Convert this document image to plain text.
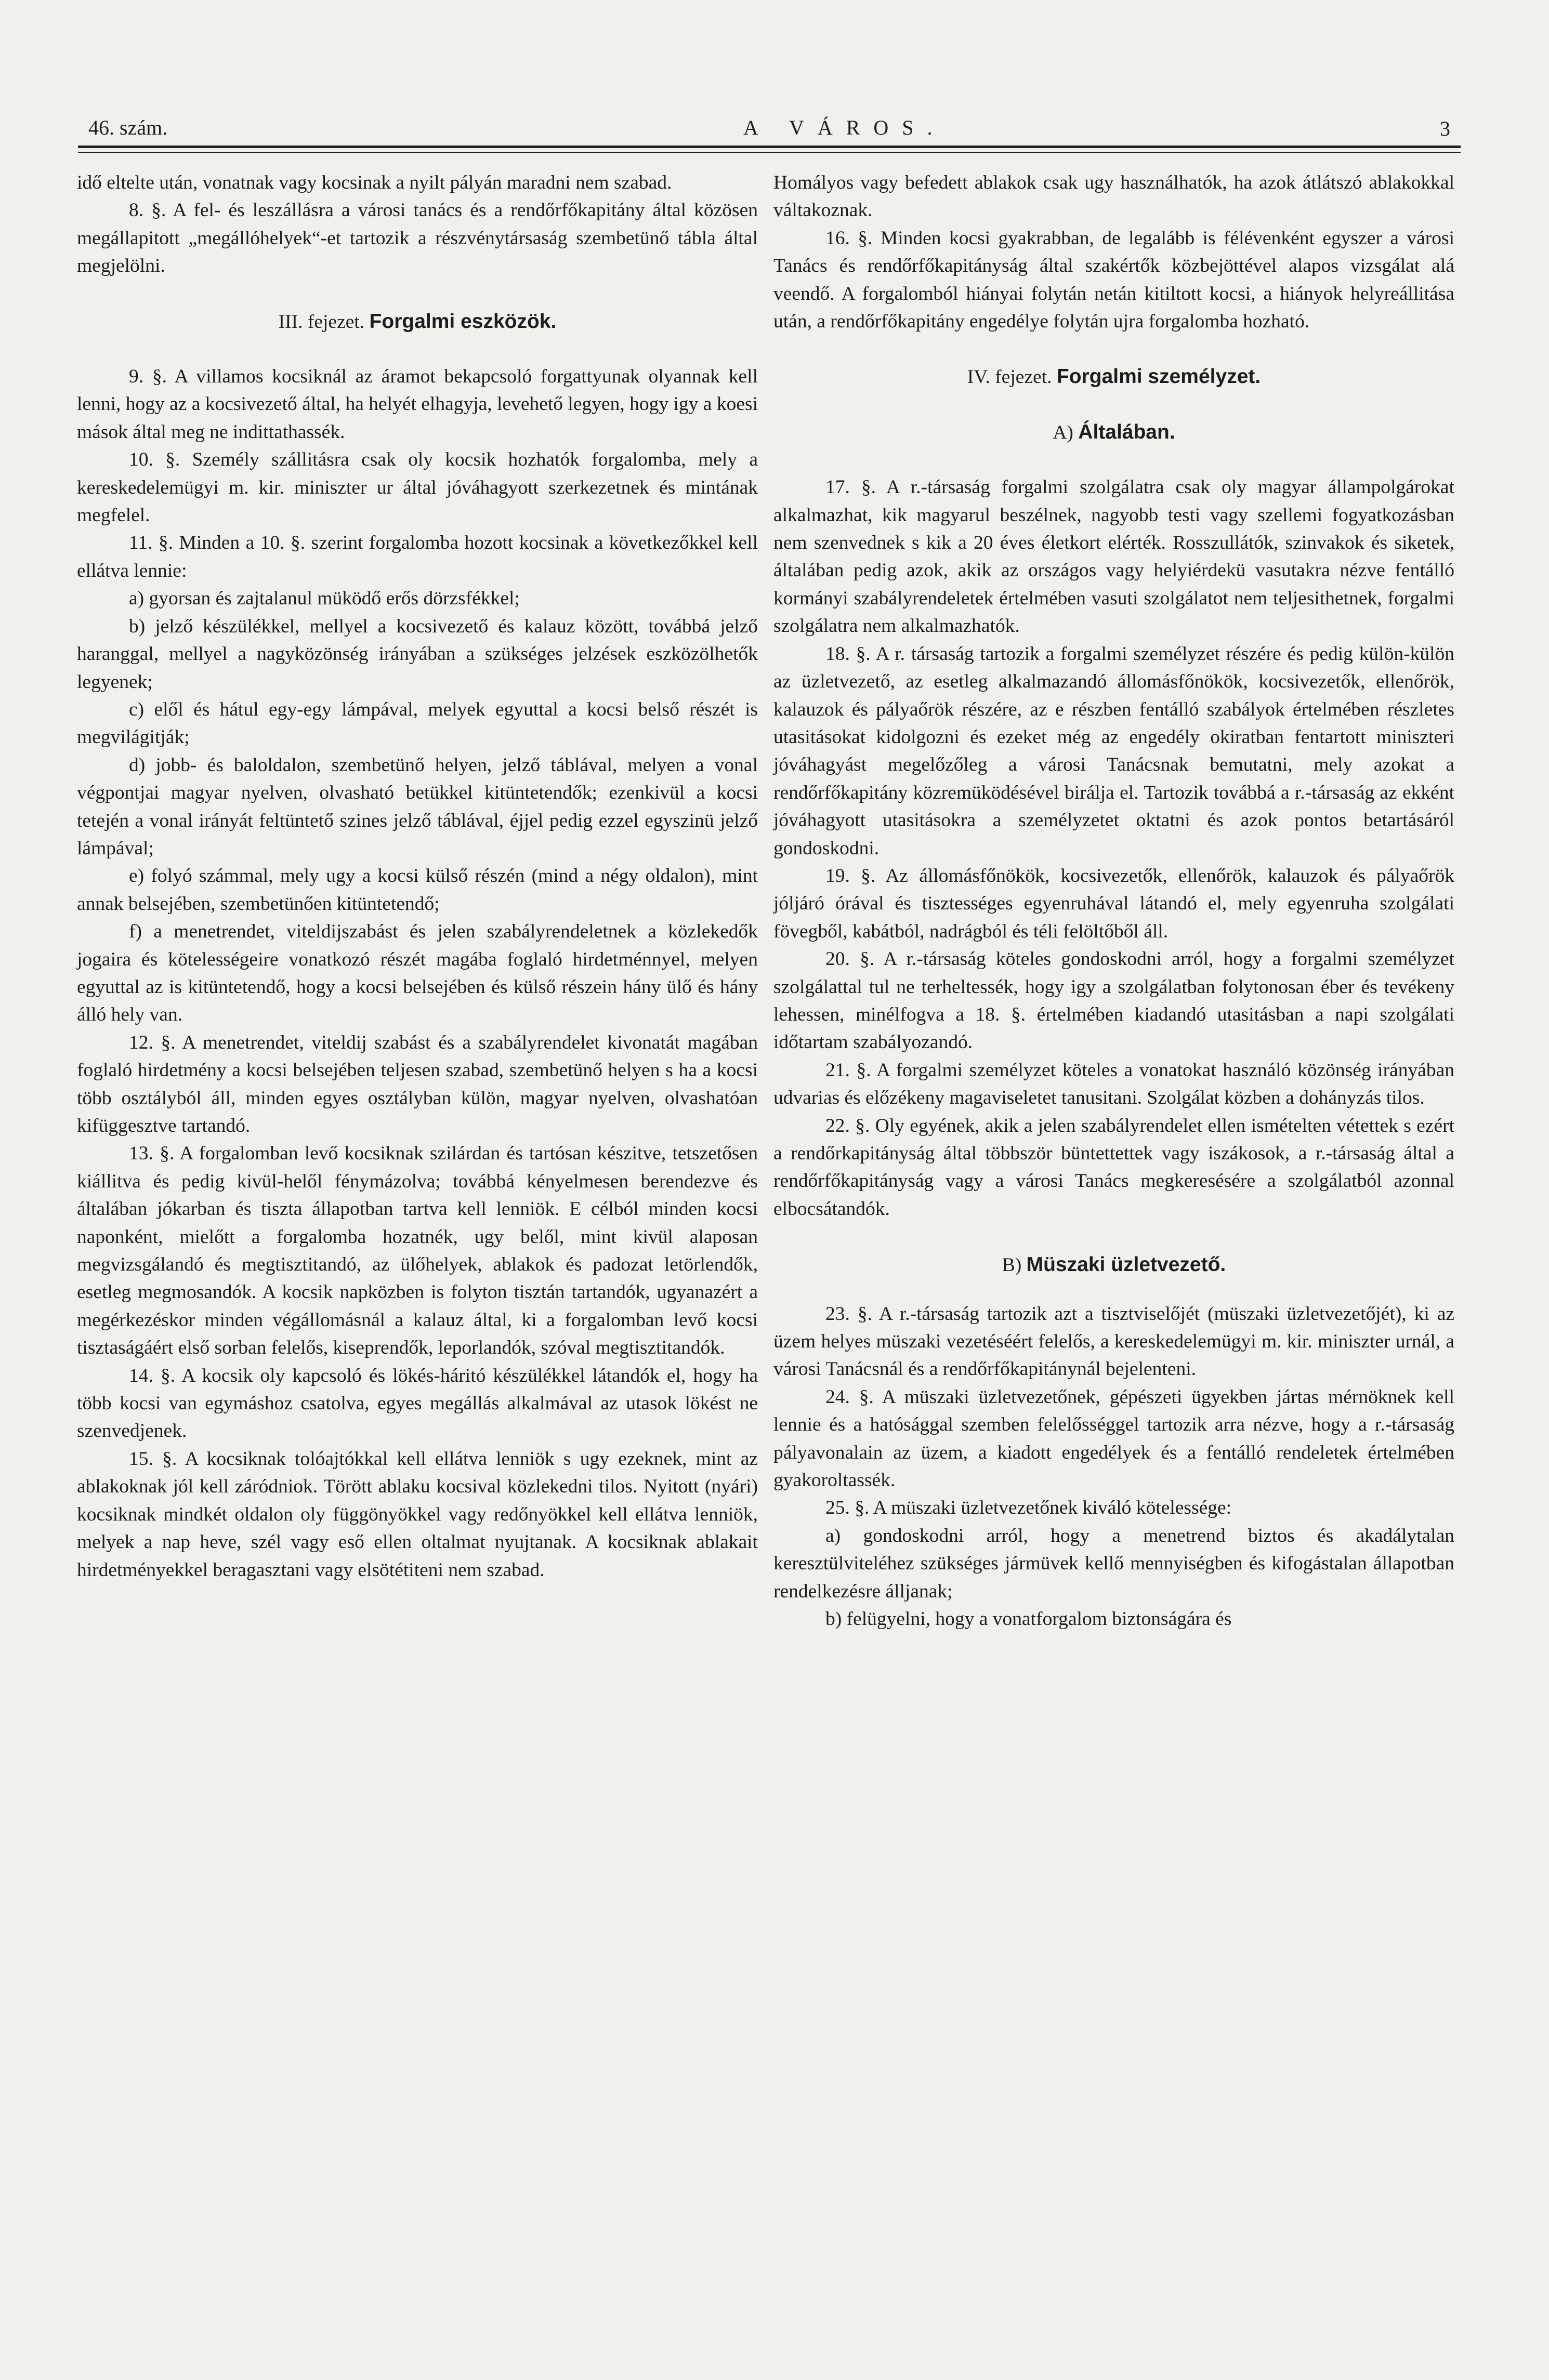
46. szám.	A VÁROS.	3

idő eltelte után, vonatnak vagy kocsinak a nyilt pályán maradni nem szabad.

8. §. A fel- és leszállásra a városi tanács és a rendőrfőkapitány által közösen megállapitott „megállóhelyek“-et tartozik a részvénytársaság szembetünő tábla által megjelölni.

III. fejezet. Forgalmi eszközök.

9. §. A villamos kocsiknál az áramot bekapcsoló forgattyunak olyannak kell lenni, hogy az a kocsivezető által, ha helyét elhagyja, levehető legyen, hogy igy a koesi mások által meg ne indittathassék.

10. §. Személy szállitásra csak oly kocsik hozhatók forgalomba, mely a kereskedelemügyi m. kir. miniszter ur által jóváhagyott szerkezetnek és mintának megfelel.

11. §. Minden a 10. §. szerint forgalomba hozott kocsinak a következőkkel kell ellátva lennie:

a) gyorsan és zajtalanul müködő erős dörzsfékkel;

b) jelző készülékkel, mellyel a kocsivezető és kalauz között, továbbá jelző haranggal, mellyel a nagyközönség irányában a szükséges jelzések eszközölhetők legyenek;

c) elől és hátul egy-egy lámpával, melyek egyuttal a kocsi belső részét is megvilágitják;

d) jobb- és baloldalon, szembetünő helyen, jelző táblával, melyen a vonal végpontjai magyar nyelven, olvasható betükkel kitüntetendők; ezenkivül a kocsi tetején a vonal irányát feltüntető szines jelző táblával, éjjel pedig ezzel egyszinü jelző lámpával;

e) folyó számmal, mely ugy a kocsi külső részén (mind a négy oldalon), mint annak belsejében, szembetünően kitüntetendő;

f) a menetrendet, viteldijszabást és jelen szabályrendeletnek a közlekedők jogaira és kötelességeire vonatkozó részét magába foglaló hirdetménnyel, melyen egyuttal az is kitüntetendő, hogy a kocsi belsejében és külső részein hány ülő és hány álló hely van.

12. §. A menetrendet, viteldij szabást és a szabályrendelet kivonatát magában foglaló hirdetmény a kocsi belsejében teljesen szabad, szembetünő helyen s ha a kocsi több osztályból áll, minden egyes osztályban külön, magyar nyelven, olvashatóan kifüggesztve tartandó.

13. §. A forgalomban levő kocsiknak szilárdan és tartósan készitve, tetszetősen kiállitva és pedig kivül-helől fénymázolva; továbbá kényelmesen berendezve és általában jókarban és tiszta állapotban tartva kell lenniök. E célból minden kocsi naponként, mielőtt a forgalomba hozatnék, ugy belől, mint kivül alaposan megvizsgálandó és megtisztitandó, az ülőhelyek, ablakok és padozat letörlendők, esetleg megmosandók. A kocsik napközben is folyton tisztán tartandók, ugyanazért a megérkezéskor minden végállomásnál a kalauz által, ki a forgalomban levő kocsi tisztaságáért első sorban felelős, kiseprendők, leporlandók, szóval megtisztitandók.

14. §. A kocsik oly kapcsoló és lökés-háritó készülékkel látandók el, hogy ha több kocsi van egymáshoz csatolva, egyes megállás alkalmával az utasok lökést ne szenvedjenek.

15. §. A kocsiknak tolóajtókkal kell ellátva lenniök s ugy ezeknek, mint az ablakoknak jól kell záródniok. Törött ablaku kocsival közlekedni tilos. Nyitott (nyári) kocsiknak mindkét oldalon oly függönyökkel vagy redőnyökkel kell ellátva lenniök, melyek a nap heve, szél vagy eső ellen oltalmat nyujtanak. A kocsiknak ablakait hirdetményekkel beragasztani vagy elsötétiteni nem szabad.

Homályos vagy befedett ablakok csak ugy használhatók, ha azok átlátszó ablakokkal váltakoznak.

16. §. Minden kocsi gyakrabban, de legalább is félévenként egyszer a városi Tanács és rendőrfőkapitányság által szakértők közbejöttével alapos vizsgálat alá veendő. A forgalomból hiányai folytán netán kitiltott kocsi, a hiányok helyreállitása után, a rendőrfőkapitány engedélye folytán ujra forgalomba hozható.

IV. fejezet. Forgalmi személyzet.
A) Általában.

17. §. A r.-társaság forgalmi szolgálatra csak oly magyar állampolgárokat alkalmazhat, kik magyarul beszélnek, nagyobb testi vagy szellemi fogyatkozásban nem szenvednek s kik a 20 éves életkort elérték. Rosszullátók, szinvakok és siketek, általában pedig azok, akik az országos vagy helyiérdekü vasutakra nézve fentálló kormányi szabályrendeletek értelmében vasuti szolgálatot nem teljesithetnek, forgalmi szolgálatra nem alkalmazhatók.

18. §. A r. társaság tartozik a forgalmi személyzet részére és pedig külön-külön az üzletvezető, az esetleg alkalmazandó állomásfőnökök, kocsivezetők, ellenőrök, kalauzok és pályaőrök részére, az e részben fentálló szabályok értelmében részletes utasitásokat kidolgozni és ezeket még az engedély okiratban fentartott miniszteri jóváhagyást megelőzőleg a városi Tanácsnak bemutatni, mely azokat a rendőrfőkapitány közremüködésével birálja el. Tartozik továbbá a r.-társaság az ekként jóváhagyott utasitásokra a személyzetet oktatni és azok pontos betartásáról gondoskodni.

19. §. Az állomásfőnökök, kocsivezetők, ellenőrök, kalauzok és pályaőrök jóljáró órával és tisztességes egyenruhával látandó el, mely egyenruha szolgálati fövegből, kabátból, nadrágból és téli felöltőből áll.

20. §. A r.-társaság köteles gondoskodni arról, hogy a forgalmi személyzet szolgálattal tul ne terheltessék, hogy igy a szolgálatban folytonosan éber és tevékeny lehessen, minélfogva a 18. §. értelmében kiadandó utasitásban a napi szolgálati időtartam szabályozandó.

21. §. A forgalmi személyzet köteles a vonatokat használó közönség irányában udvarias és előzékeny magaviseletet tanusitani. Szolgálat közben a dohányzás tilos.

22. §. Oly egyének, akik a jelen szabályrendelet ellen ismételten vétettek s ezért a rendőrkapitányság által többször büntettettek vagy iszákosok, a r.-társaság által a rendőrfőkapitányság vagy a városi Tanács megkeresésére a szolgálatból azonnal elbocsátandók.

B) Müszaki üzletvezető.

23. §. A r.-társaság tartozik azt a tisztviselőjét (müszaki üzletvezetőjét), ki az üzem helyes müszaki vezetéséért felelős, a kereskedelemügyi m. kir. miniszter urnál, a városi Tanácsnál és a rendőrfőkapitánynál bejelenteni.

24. §. A müszaki üzletvezetőnek, gépészeti ügyekben jártas mérnöknek kell lennie és a hatósággal szemben felelősséggel tartozik arra nézve, hogy a r.-társaság pályavonalain az üzem, a kiadott engedélyek és a fentálló rendeletek értelmében gyakoroltassék.

25. §. A müszaki üzletvezetőnek kiváló kötelessége:

a) gondoskodni arról, hogy a menetrend biztos és akadálytalan keresztülviteléhez szükséges jármüvek kellő mennyiségben és kifogástalan állapotban rendelkezésre álljanak;

b) felügyelni, hogy a vonatforgalom biztonságára és
